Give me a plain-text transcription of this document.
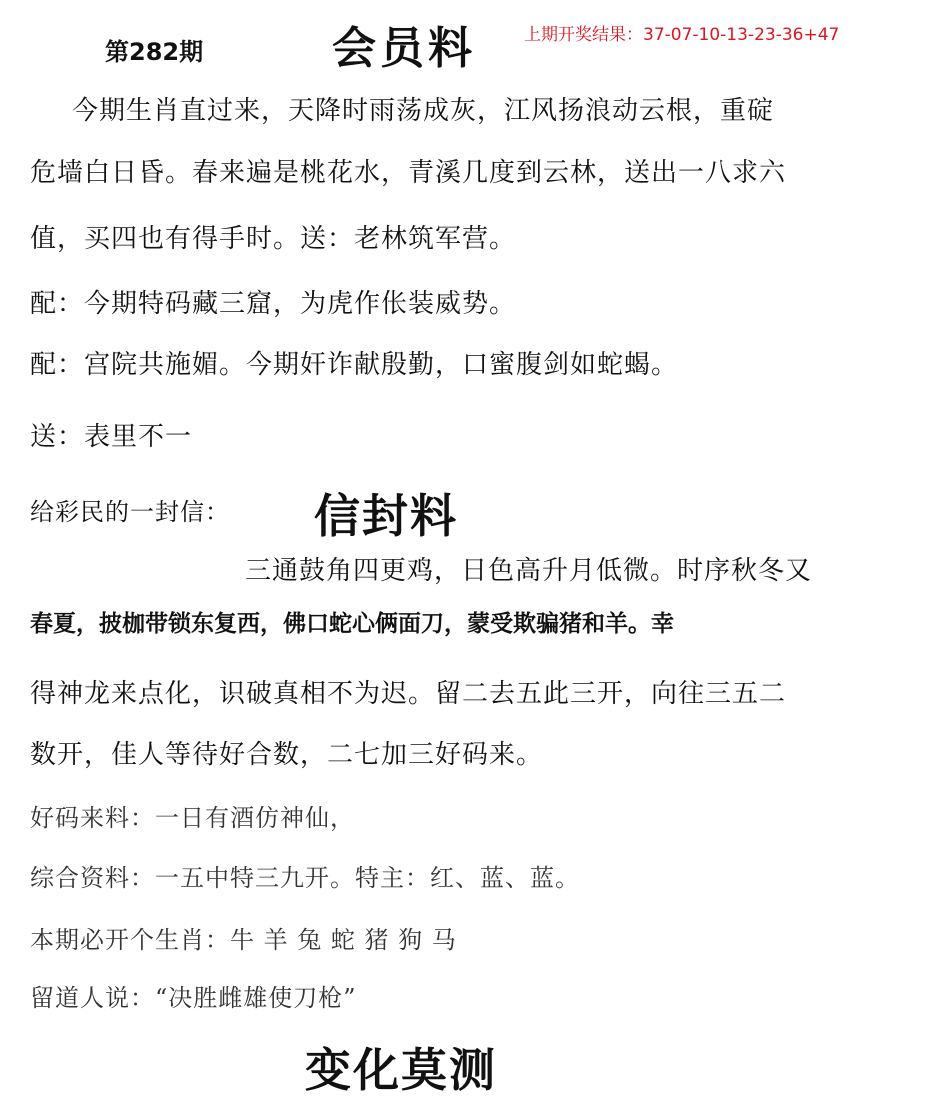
第282期	会员料	上期开奖结果：37-07-10-13-23-36+47
今期生肖直过来，天降时雨荡成灰，江风扬浪动云根，重碇
危墙白日昏。春来遍是桃花水，青溪几度到云林，送出一八求六
值，买四也有得手时。送：老林筑军营。
配：今期特码藏三窟，为虎作伥装威势。
配：宫院共施媚。今期奸诈献殷勤，口蜜腹剑如蛇蝎。
送：表里不一
给彩民的一封信： 信封料
三通鼓角四更鸡，日色高升月低微。时序秋冬又
春夏，披枷带锁东复西，佛口蛇心俩面刀，蒙受欺骗猪和羊。幸
得神龙来点化，识破真相不为迟。留二去五此三开，向往三五二
数开，佳人等待好合数，二七加三好码来。
好码来料：一日有酒仿神仙，
综合资料：一五中特三九开。特主：红、蓝、蓝。
本期必开个生肖：牛 羊 兔 蛇 猪 狗 马
留道人说：“决胜雌雄使刀枪”
变化莫测
